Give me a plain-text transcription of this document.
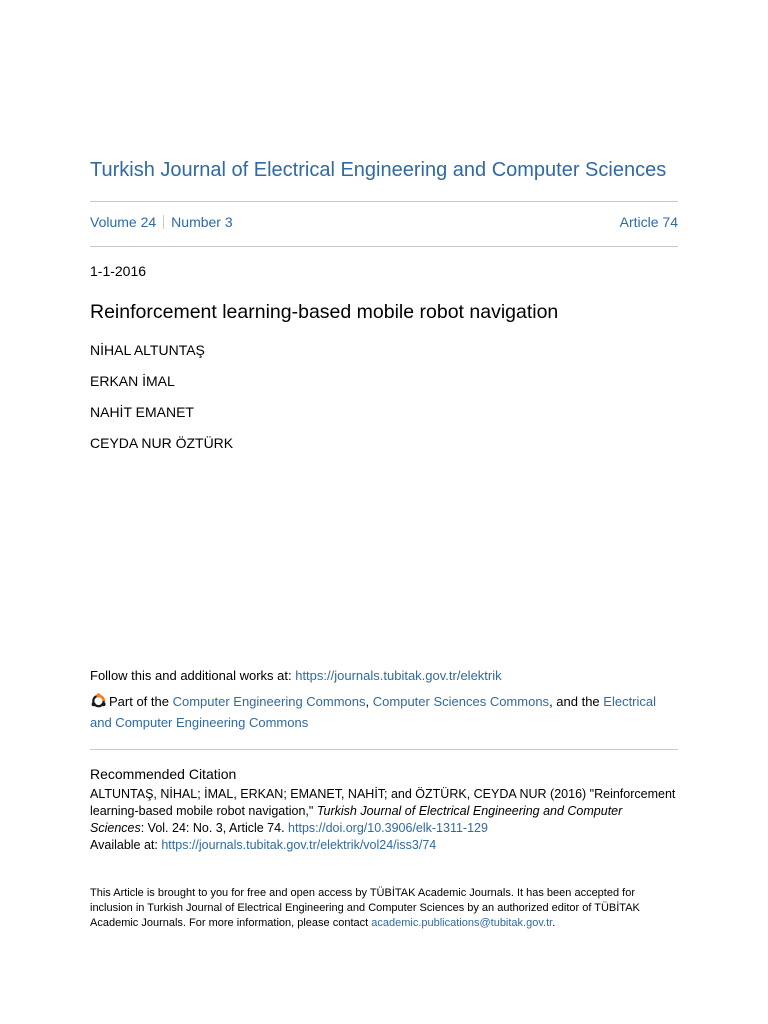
Turkish Journal of Electrical Engineering and Computer Sciences
Volume 24 Number 3	Article 74
1-1-2016
Reinforcement learning-based mobile robot navigation
NİHAL ALTUNTAŞ
ERKAN İMAL
NAHİT EMANET
CEYDA NUR ÖZTÜRK
Follow this and additional works at: https://journals.tubitak.gov.tr/elektrik
Part of the Computer Engineering Commons, Computer Sciences Commons, and the Electrical and Computer Engineering Commons
Recommended Citation
ALTUNTAŞ, NİHAL; İMAL, ERKAN; EMANET, NAHİT; and ÖZTÜRK, CEYDA NUR (2016) "Reinforcement learning-based mobile robot navigation," Turkish Journal of Electrical Engineering and Computer Sciences: Vol. 24: No. 3, Article 74. https://doi.org/10.3906/elk-1311-129
Available at: https://journals.tubitak.gov.tr/elektrik/vol24/iss3/74
This Article is brought to you for free and open access by TÜBİTAK Academic Journals. It has been accepted for inclusion in Turkish Journal of Electrical Engineering and Computer Sciences by an authorized editor of TÜBİTAK Academic Journals. For more information, please contact academic.publications@tubitak.gov.tr.
